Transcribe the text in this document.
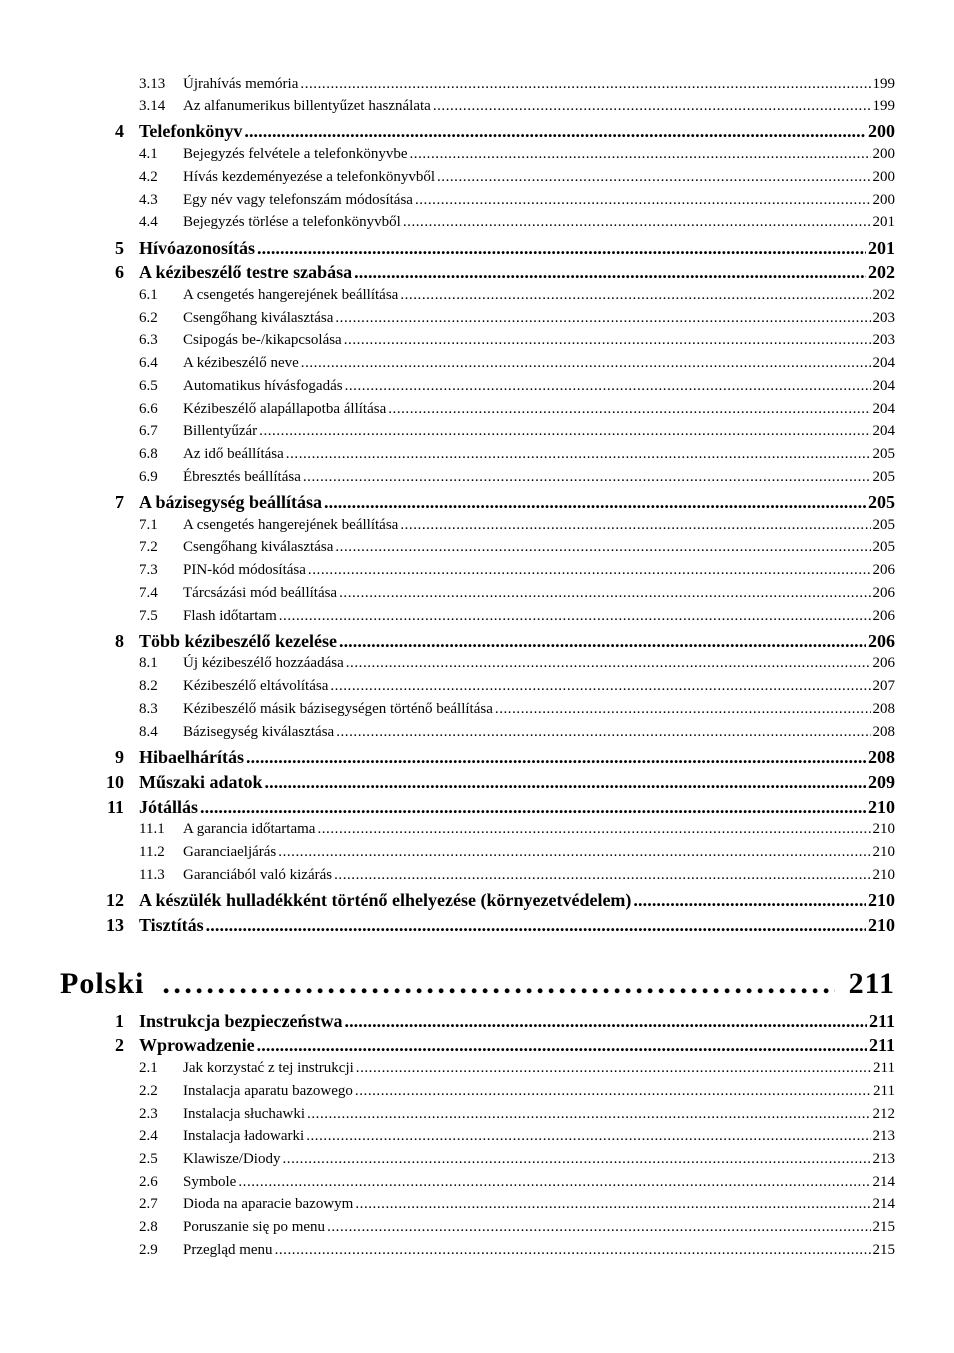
3.13 Újrahívás memória . . .	199
3.14 Az alfanumerikus billentyűzet használata . . .	199
4 Telefonkönyv . . .	200
4.1 Bejegyzés felvétele a telefonkönyvbe . . .	200
4.2 Hívás kezdeményezése a telefonkönyvből . . .	200
4.3 Egy név vagy telefonszám módosítása . . .	200
4.4 Bejegyzés törlése a telefonkönyvből . . .	201
5 Hívóazonosítás . . .	201
6 A kézibeszélő testre szabása . . .	202
6.1 A csengetés hangerejének beállítása . . .	202
6.2 Csengőhang kiválasztása . . .	203
6.3 Csipogás be-/kikapcsolása . . .	203
6.4 A kézibeszélő neve . . .	204
6.5 Automatikus hívásfogadás . . .	204
6.6 Kézibeszélő alapállapotba állítása . . .	204
6.7 Billentyűzár . . .	204
6.8 Az idő beállítása . . .	205
6.9 Ébresztés beállítása . . .	205
7 A bázisegység beállítása . . .	205
7.1 A csengetés hangerejének beállítása . . .	205
7.2 Csengőhang kiválasztása . . .	205
7.3 PIN-kód módosítása . . .	206
7.4 Tárcsázási mód beállítása . . .	206
7.5 Flash időtartam . . .	206
8 Több kézibeszélő kezelése . . .	206
8.1 Új kézibeszélő hozzáadása . . .	206
8.2 Kézibeszélő eltávolítása . . .	207
8.3 Kézibeszélő másik bázisegységen történő beállítása . . .	208
8.4 Bázisegység kiválasztása . . .	208
9 Hibaelhárítás . . .	208
10 Műszaki adatok . . .	209
11 Jótállás . . .	210
11.1 A garancia időtartama . . .	210
11.2 Garanciaeljárás . . .	210
11.3 Garanciából való kizárás . . .	210
12 A készülék hulladékként történő elhelyezése (környezetvédelem) . . .	210
13 Tisztítás . . .	210
Polski . . .	211
1 Instrukcja bezpieczeństwa . . .	211
2 Wprowadzenie . . .	211
2.1 Jak korzystać z tej instrukcji . . .	211
2.2 Instalacja aparatu bazowego . . .	211
2.3 Instalacja słuchawki . . .	212
2.4 Instalacja ładowarki . . .	213
2.5 Klawisze/Diody . . .	213
2.6 Symbole . . .	214
2.7 Dioda na aparacie bazowym . . .	214
2.8 Poruszanie się po menu . . .	215
2.9 Przegląd menu . . .	215
